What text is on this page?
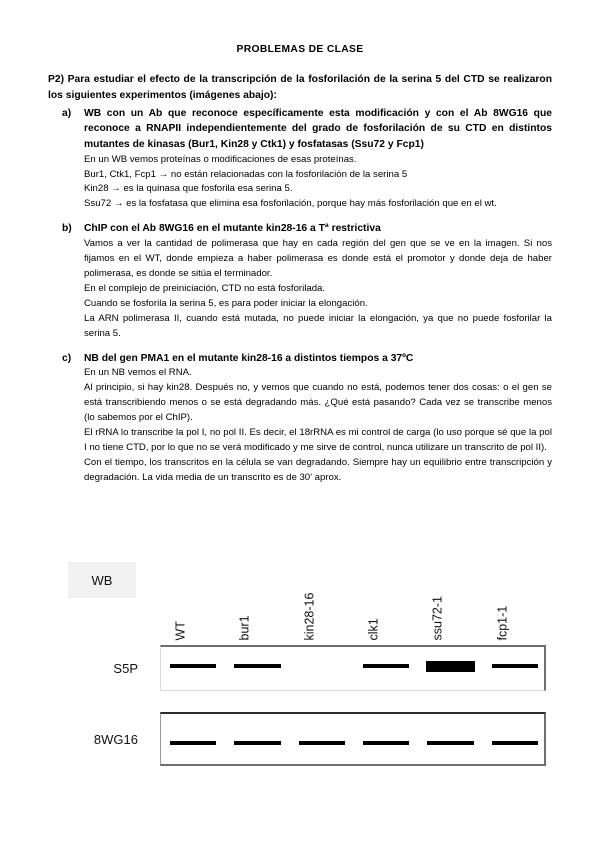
PROBLEMAS DE CLASE

P2) Para estudiar el efecto de la transcripción de la fosforilación de la serina 5 del CTD se realizaron los siguientes experimentos (imágenes abajo):

a) WB con un Ab que reconoce específicamente esta modificación y con el Ab 8WG16 que reconoce a RNAPII independientemente del grado de fosforilación de su CTD en distintos mutantes de kinasas (Bur1, Kin28 y Ctk1) y fosfatasas (Ssu72 y Fcp1)

En un WB vemos proteínas o modificaciones de esas proteínas.

Bur1, Ctk1, Fcp1 → no están relacionadas con la fosforilación de la serina 5

Kin28 → es la quinasa que fosforila esa serina 5.

Ssu72 → es la fosfatasa que elimina esa fosforilación, porque hay más fosforilación que en el wt.

b) ChIP con el Ab 8WG16 en el mutante kin28-16 a Tª restrictiva

Vamos a ver la cantidad de polimerasa que hay en cada región del gen que se ve en la imagen. Si nos fijamos en el WT, donde empieza a haber polimerasa es donde está el promotor y donde deja de haber polimerasa, es donde se sitúa el terminador.

En el complejo de preiniciación, CTD no está fosforilada.

Cuando se fosforila la serina 5, es para poder iniciar la elongación.

La ARN polimerasa II, cuando está mutada, no puede iniciar la elongación, ya que no puede fosforilar la serina 5.

c) NB del gen PMA1 en el mutante kin28-16 a distintos tiempos a 37ºC

En un NB vemos el RNA.

Al principio, si hay kin28. Después no, y vemos que cuando no está, podemos tener dos cosas: o el gen se está transcribiendo menos o se está degradando más. ¿Qué está pasando? Cada vez se transcribe menos (lo sabemos por el ChIP).

El rRNA lo transcribe la pol I, no pol II. Es decir, el 18rRNA es mi control de carga (lo uso porque sé que la pol I no tiene CTD, por lo que no se verá modificado y me sirve de control, nunca utilizare un transcrito de pol II).

Con el tiempo, los transcritos en la célula se van degradando. Siempre hay un equilibrio entre transcripción y degradación. La vida media de un transcrito es de 30' aprox.

WB
WT	bur1	kin28-16	clk1	ssu72-1	fcp1-1
S5P
8WG16
